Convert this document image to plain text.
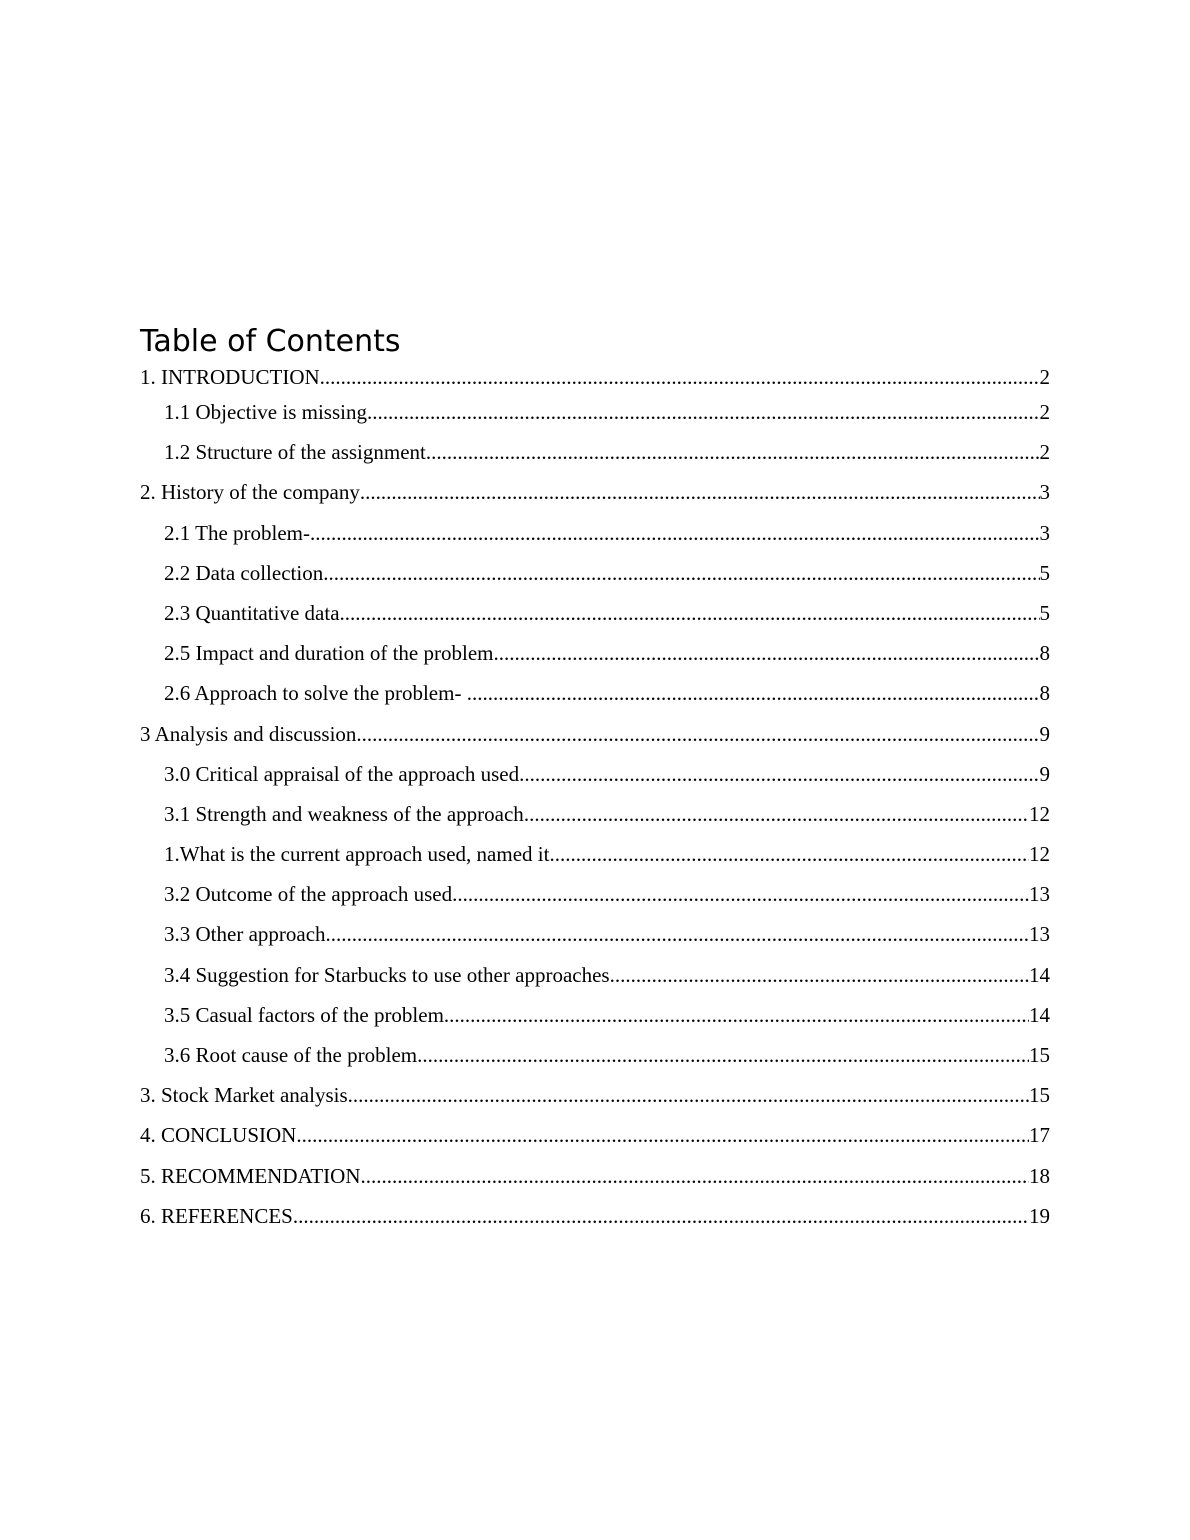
Table of Contents
1. INTRODUCTION .....	2
1.1 Objective is missing .....	2
1.2 Structure of the assignment .....	2
2. History of the company .....	3
2.1 The problem- .....	3
2.2 Data collection .....	5
2.3 Quantitative data .....	5
2.5 Impact and duration of the problem .....	8
2.6 Approach to solve the problem- .....	8
3 Analysis and discussion .....	9
3.0 Critical appraisal of the approach used .....	9
3.1 Strength and weakness of the approach .....	12
1.What is the current approach used, named it .....	12
3.2 Outcome of the approach used .....	13
3.3 Other approach .....	13
3.4 Suggestion for Starbucks to use other approaches .....	14
3.5 Casual factors of the problem .....	14
3.6 Root cause of the problem .....	15
3. Stock Market analysis .....	15
4. CONCLUSION .....	17
5. RECOMMENDATION .....	18
6. REFERENCES .....	19
